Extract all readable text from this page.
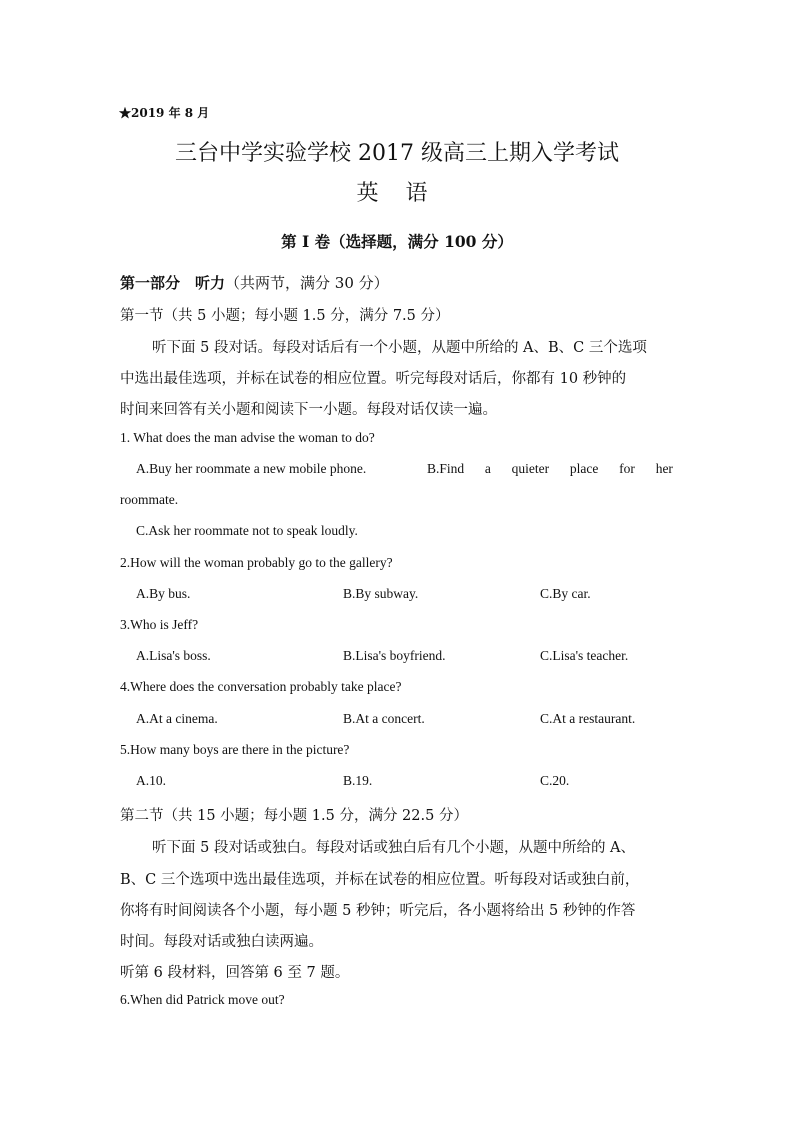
★2019 年 8 月
三台中学实验学校 2017 级高三上期入学考试
英 语
第 I 卷（选择题，满分 100 分）
第一部分　听力（共两节，满分 30 分）
第一节（共 5 小题；每小题 1.5 分，满分 7.5 分）
听下面 5 段对话。每段对话后有一个小题，从题中所给的 A、B、C 三个选项
中选出最佳选项，并标在试卷的相应位置。听完每段对话后，你都有 10 秒钟的
时间来回答有关小题和阅读下一小题。每段对话仅读一遍。
1. What does the man advise the woman to do?
A.Buy her roommate a new mobile phone.	B.Find a quieter place for her
roommate.
C.Ask her roommate not to speak loudly.
2.How will the woman probably go to the gallery?
A.By bus.	B.By subway.	C.By car.
3.Who is Jeff?
A.Lisa's boss.	B.Lisa's boyfriend.	C.Lisa's teacher.
4.Where does the conversation probably take place?
A.At a cinema.	B.At a concert.	C.At a restaurant.
5.How many boys are there in the picture?
A.10.	B.19.	C.20.
第二节（共 15 小题；每小题 1.5 分，满分 22.5 分）
听下面 5 段对话或独白。每段对话或独白后有几个小题，从题中所给的 A、
B、C 三个选项中选出最佳选项，并标在试卷的相应位置。听每段对话或独白前，
你将有时间阅读各个小题，每小题 5 秒钟；听完后，各小题将给出 5 秒钟的作答
时间。每段对话或独白读两遍。
听第 6 段材料，回答第 6 至 7 题。
6.When did Patrick move out?
